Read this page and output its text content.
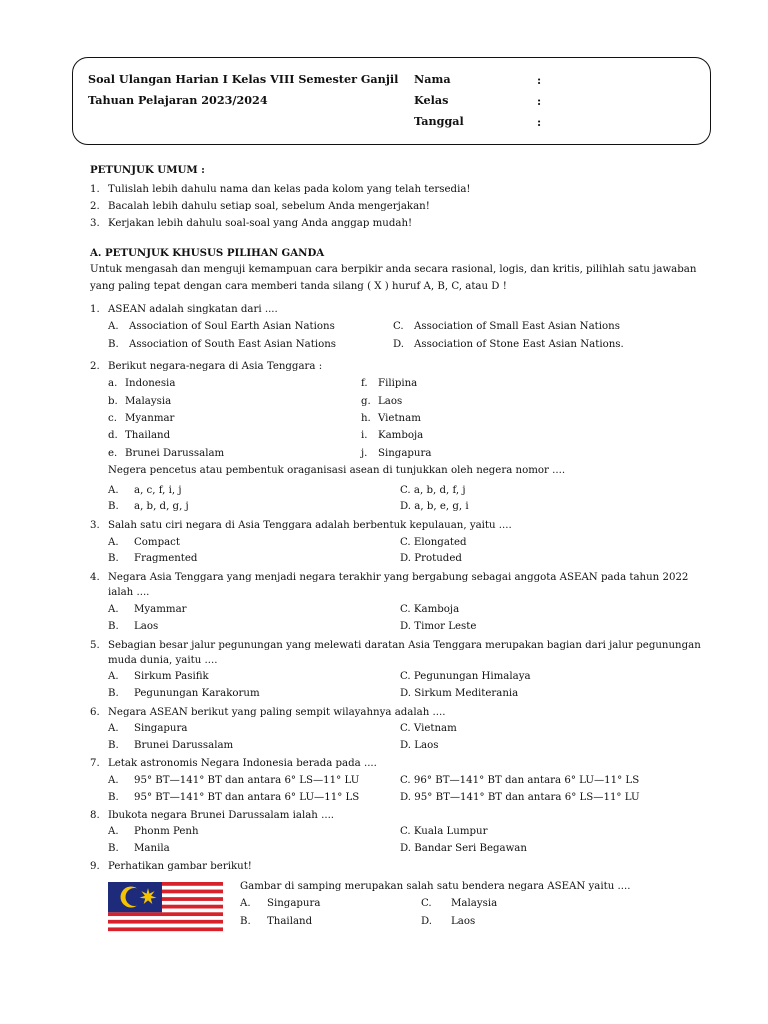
Soal Ulangan Harian I Kelas VIII Semester Ganjil
Tahuan Pelajaran 2023/2024
Nama
Kelas
Tanggal
:
:
:
PETUNJUK UMUM :
1. Tulislah lebih dahulu nama dan kelas pada kolom yang telah tersedia!
2. Bacalah lebih dahulu setiap soal, sebelum Anda mengerjakan!
3. Kerjakan lebih dahulu soal-soal yang Anda anggap mudah!
A. PETUNJUK KHUSUS PILIHAN GANDA
Untuk mengasah dan menguji kemampuan cara berpikir anda secara rasional, logis, dan kritis, pilihlah satu jawaban
yang paling tepat dengan cara memberi tanda silang ( X ) huruf A, B, C, atau D !
1. ASEAN adalah singkatan dari ....
A. Association of Soul Earth Asian Nations
B. Association of South East Asian Nations
C. Association of Small East Asian Nations
D. Association of Stone East Asian Nations.
2. Berikut negara-negara di Asia Tenggara :
a. Indonesia
b. Malaysia
c. Myanmar
d. Thailand
e. Brunei Darussalam
f. Filipina
g. Laos
h. Vietnam
i. Kamboja
j. Singapura
Negera pencetus atau pembentuk oraganisasi asean di tunjukkan oleh negera nomor ....
A. a, c, f, i, j
B. a, b, d, g, j
C. a, b, d, f, j
D. a, b, e, g, i
3. Salah satu ciri negara di Asia Tenggara adalah berbentuk kepulauan, yaitu ....
A. Compact
B. Fragmented
C. Elongated
D. Protuded
4. Negara Asia Tenggara yang menjadi negara terakhir yang bergabung sebagai anggota ASEAN pada tahun 2022
ialah ....
A. Myammar
B. Laos
C. Kamboja
D. Timor Leste
5. Sebagian besar jalur pegunungan yang melewati daratan Asia Tenggara merupakan bagian dari jalur pegunungan
muda dunia, yaitu ....
A. Sirkum Pasifik
B. Pegunungan Karakorum
C. Pegunungan Himalaya
D. Sirkum Mediterania
6. Negara ASEAN berikut yang paling sempit wilayahnya adalah ....
A. Singapura
B. Brunei Darussalam
C. Vietnam
D. Laos
7. Letak astronomis Negara Indonesia berada pada ....
A. 95° BT—141° BT dan antara 6° LS—11° LU
B. 95° BT—141° BT dan antara 6° LU—11° LS
C. 96° BT—141° BT dan antara 6° LU—11° LS
D. 95° BT—141° BT dan antara 6° LS—11° LU
8. Ibukota negara Brunei Darussalam ialah ....
A. Phonm Penh
B. Manila
C. Kuala Lumpur
D. Bandar Seri Begawan
9. Perhatikan gambar berikut!
Gambar di samping merupakan salah satu bendera negara ASEAN yaitu ....
A. Singapura
B. Thailand
C. Malaysia
D. Laos
